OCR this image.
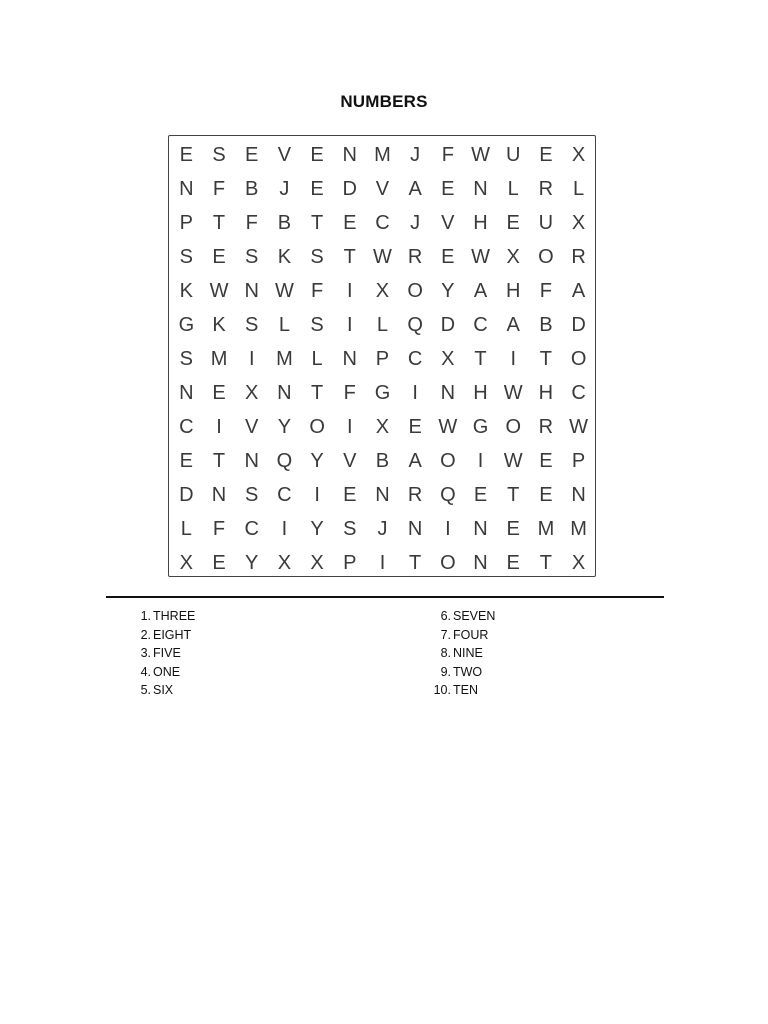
NUMBERS
E S E V E N M J	F W U E X
N F B	J	E D V A E N L R L
P T	F B T E C	J	V H E U X
S E S K S T W R E W X O R
K W N W F	I	X O Y A H F A
G K S	L	S	I	L Q D C A B D
S M	I	M L N P C X T	I	T O
N E X N T	F G	I	N H W H C
C	I	V Y O	I	X E W G O R W
E T N Q Y V B A O	I	W E P
D N S C	I	E N R Q E T E N
L	F C	I	Y S	J	N	I	N E M M
X E Y X X P	I	T O N E T X
1. THREE
2. EIGHT
3. FIVE
4. ONE
5. SIX
6. SEVEN
7. FOUR
8. NINE
9. TWO
10. TEN
